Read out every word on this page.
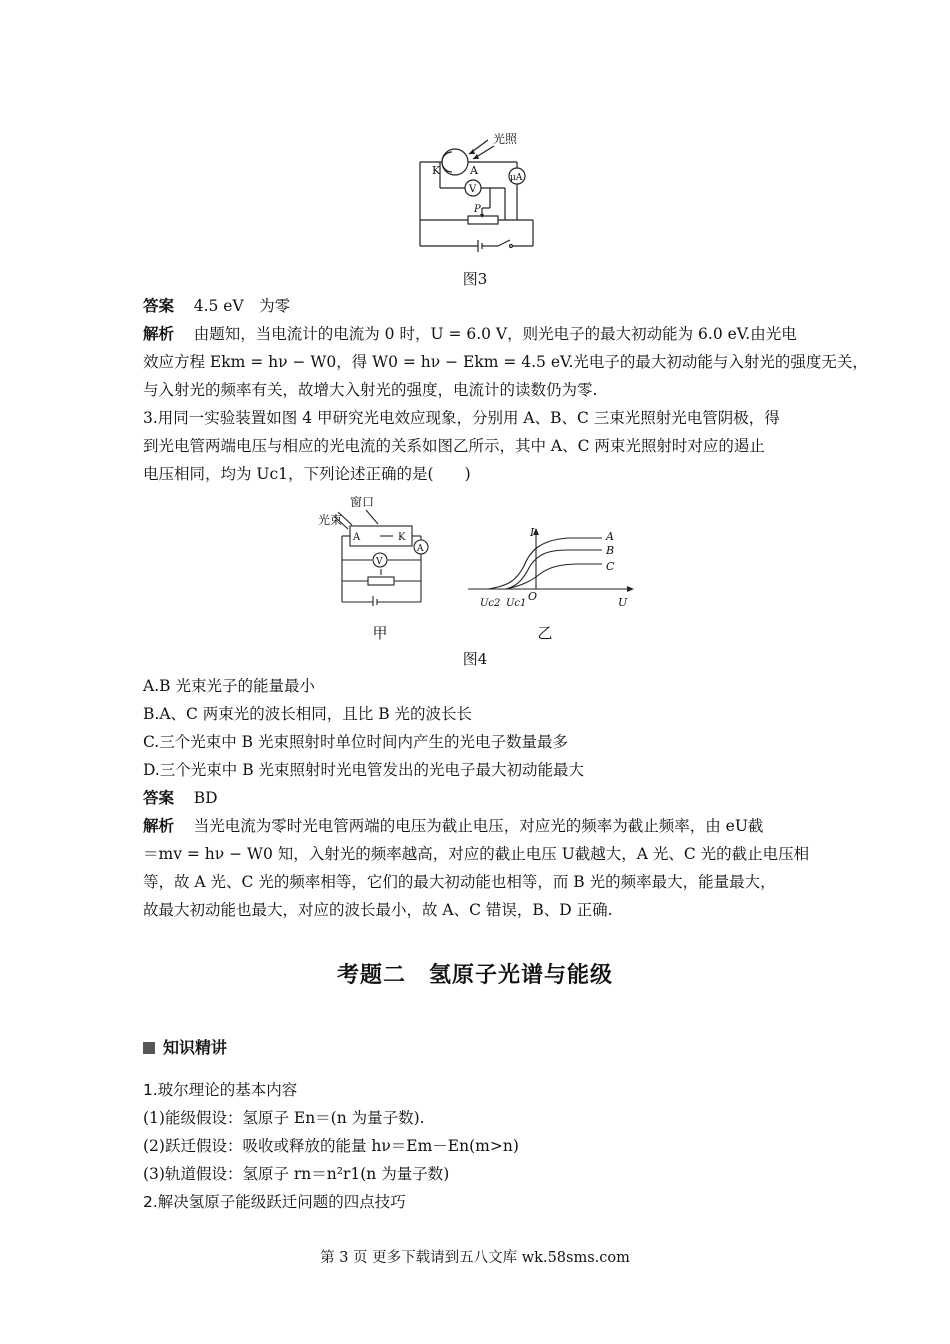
光照
K	A
V
μA
P
图3
答案 4.5 eV　为零
解析 由题知，当电流计的电流为 0 时，U = 6.0 V，则光电子的最大初动能为 6.0 eV.由光电
效应方程 Ekm = hν − W0，得 W0 = hν − Ekm = 4.5 eV.光电子的最大初动能与入射光的强度无关，
与入射光的频率有关，故增大入射光的强度，电流计的读数仍为零.
3.用同一实验装置如图 4 甲研究光电效应现象，分别用 A、B、C 三束光照射光电管阴极，得
到光电管两端电压与相应的光电流的关系如图乙所示，其中 A、C 两束光照射时对应的遏止
电压相同，均为 Uc1，下列论述正确的是(　　)
窗口
光束
A	K
V
A
甲
I
U
O
Uc2 Uc1
A
B
C
乙
图4
A.B 光束光子的能量最小
B.A、C 两束光的波长相同，且比 B 光的波长长
C.三个光束中 B 光束照射时单位时间内产生的光电子数量最多
D.三个光束中 B 光束照射时光电管发出的光电子最大初动能最大
答案 BD
解析 当光电流为零时光电管两端的电压为截止电压，对应光的频率为截止频率，由 eU截
＝mv = hν − W0 知，入射光的频率越高，对应的截止电压 U截越大，A 光、C 光的截止电压相
等，故 A 光、C 光的频率相等，它们的最大初动能也相等，而 B 光的频率最大，能量最大，
故最大初动能也最大，对应的波长最小，故 A、C 错误，B、D 正确.
考题二　氢原子光谱与能级
知识精讲
1.玻尔理论的基本内容
(1)能级假设：氢原子 En＝(n 为量子数).
(2)跃迁假设：吸收或释放的能量 hν＝Em－En(m>n)
(3)轨道假设：氢原子 rn＝n²r1(n 为量子数)
2.解决氢原子能级跃迁问题的四点技巧
第 3 页 更多下载请到五八文库 wk.58sms.com
